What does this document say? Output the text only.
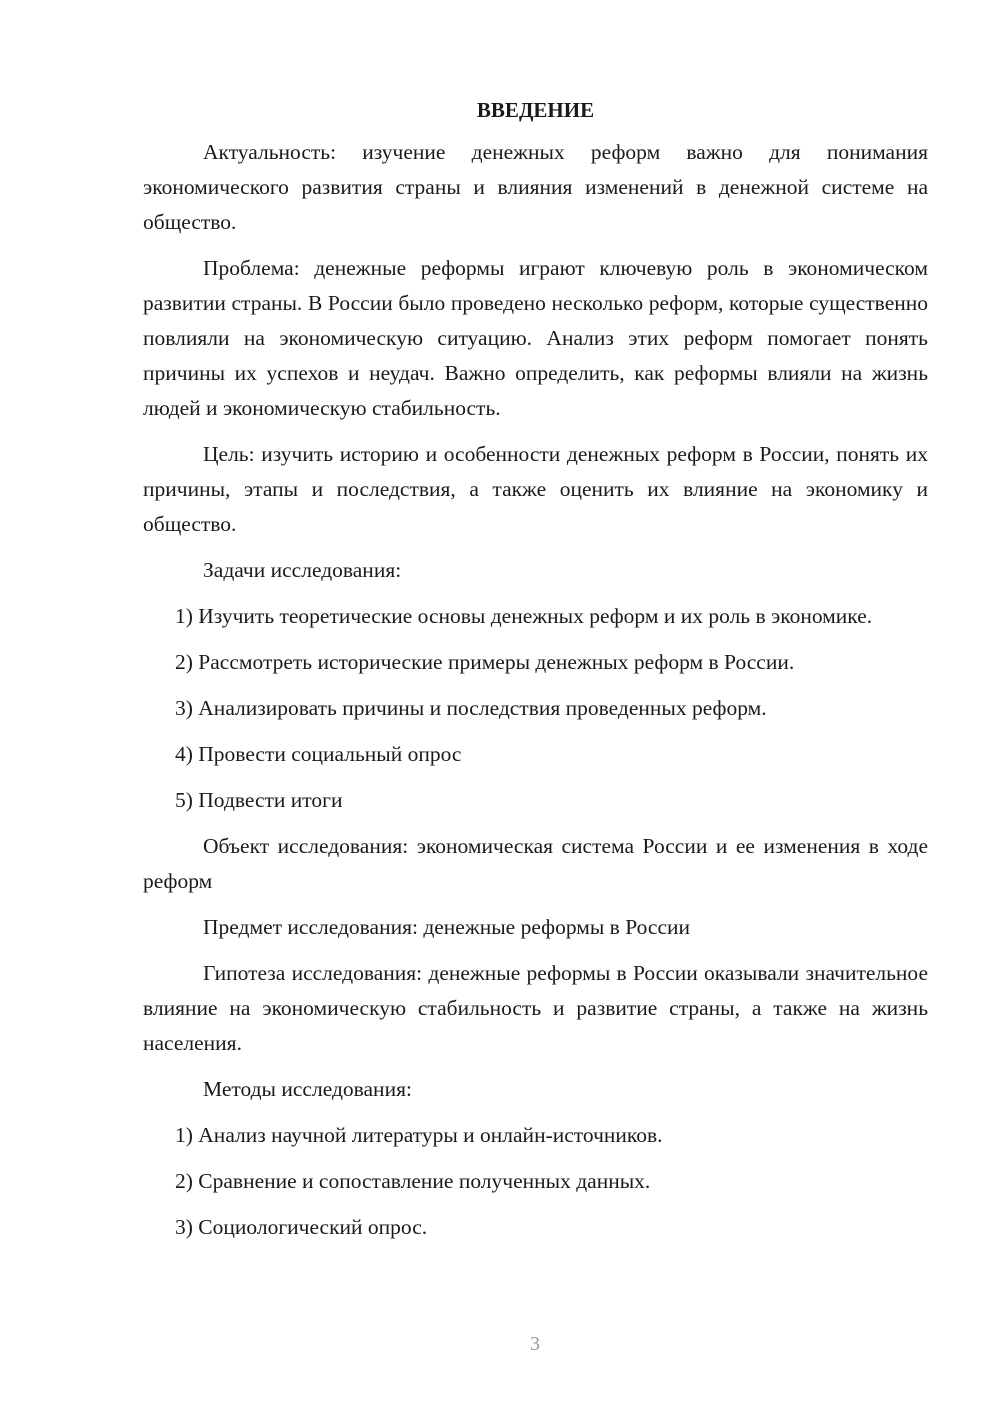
ВВЕДЕНИЕ

Актуальность: изучение денежных реформ важно для понимания экономического развития страны и влияния изменений в денежной системе на общество.

Проблема: денежные реформы играют ключевую роль в экономическом развитии страны. В России было проведено несколько реформ, которые существенно повлияли на экономическую ситуацию. Анализ этих реформ помогает понять причины их успехов и неудач. Важно определить, как реформы влияли на жизнь людей и экономическую стабильность.

Цель: изучить историю и особенности денежных реформ в России, понять их причины, этапы и последствия, а также оценить их влияние на экономику и общество.

Задачи исследования:

1) Изучить теоретические основы денежных реформ и их роль в экономике.

2) Рассмотреть исторические примеры денежных реформ в России.

3) Анализировать причины и последствия проведенных реформ.

4) Провести социальный опрос

5) Подвести итоги

Объект исследования: экономическая система России и ее изменения в ходе реформ

Предмет исследования: денежные реформы в России

Гипотеза исследования: денежные реформы в России оказывали значительное влияние на экономическую стабильность и развитие страны, а также на жизнь населения.

Методы исследования:

1) Анализ научной литературы и онлайн-источников.

2) Сравнение и сопоставление полученных данных.

3) Социологический опрос.

3
